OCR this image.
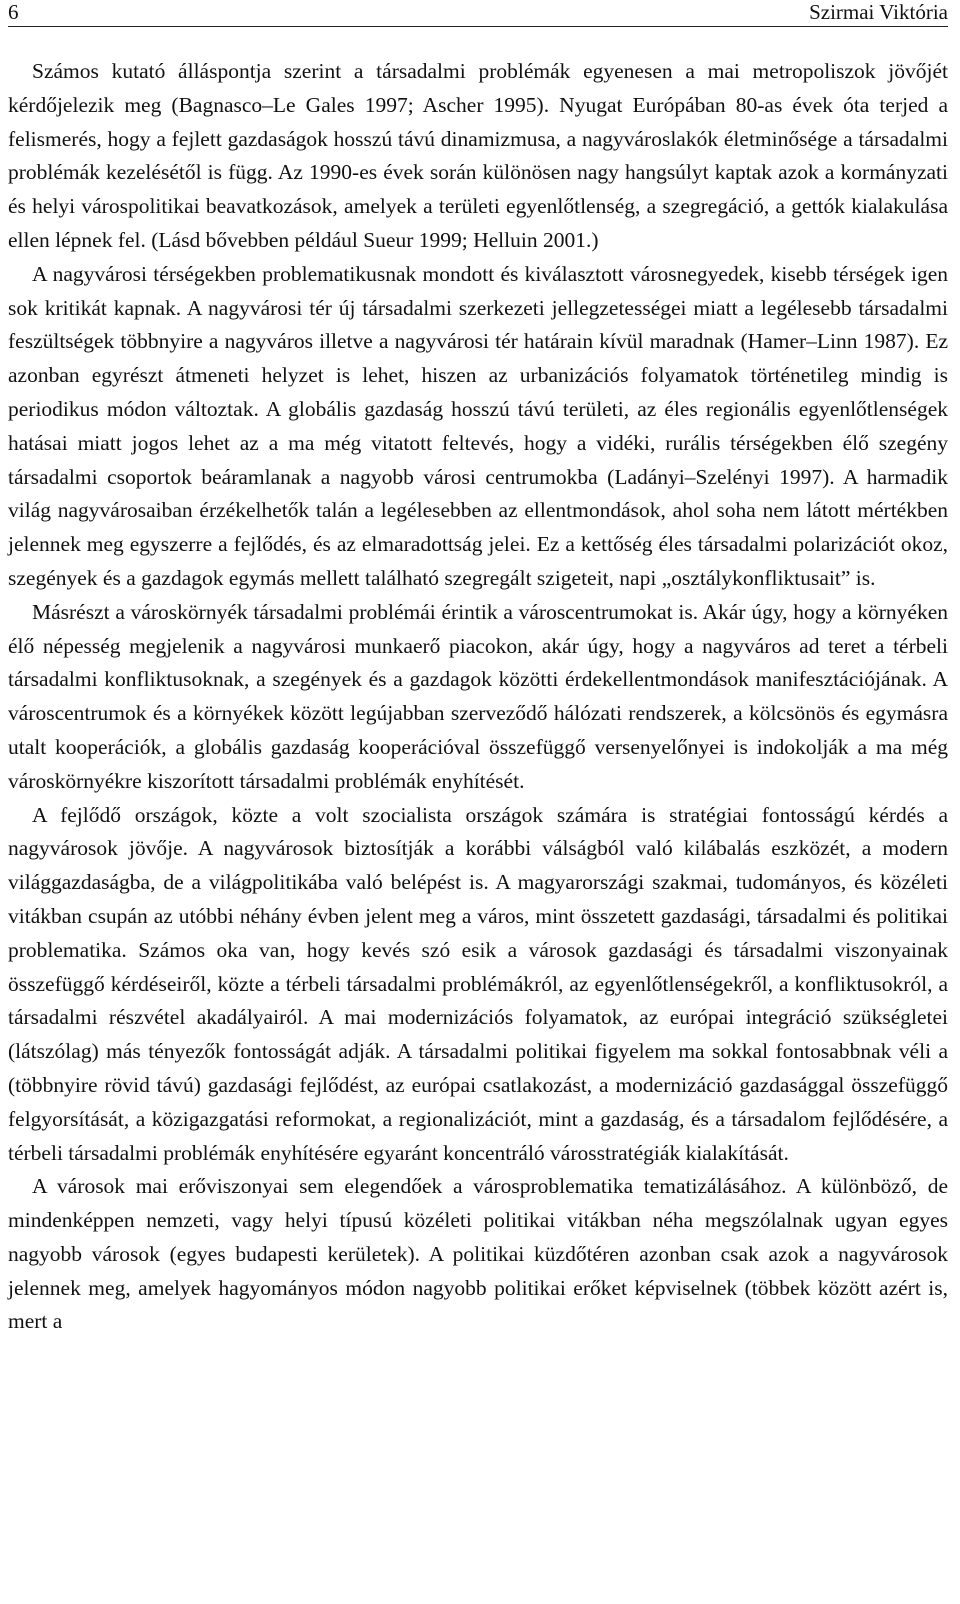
6	Szirmai Viktória

Számos kutató álláspontja szerint a társadalmi problémák egyenesen a mai metropoliszok jövőjét kérdőjelezik meg (Bagnasco–Le Gales 1997; Ascher 1995). Nyugat Európában 80-as évek óta terjed a felismerés, hogy a fejlett gazdaságok hosszú távú dinamizmusa, a nagyvároslakók életminősége a társadalmi problémák kezelésétől is függ. Az 1990-es évek során különösen nagy hangsúlyt kaptak azok a kormányzati és helyi várospolitikai beavatkozások, amelyek a területi egyenlőtlenség, a szegregáció, a gettók kialakulása ellen lépnek fel. (Lásd bővebben például Sueur 1999; Helluin 2001.)

A nagyvárosi térségekben problematikusnak mondott és kiválasztott városnegyedek, kisebb térségek igen sok kritikát kapnak. A nagyvárosi tér új társadalmi szerkezeti jellegzetességei miatt a legélesebb társadalmi feszültségek többnyire a nagyváros illetve a nagyvárosi tér határain kívül maradnak (Hamer–Linn 1987). Ez azonban egyrészt átmeneti helyzet is lehet, hiszen az urbanizációs folyamatok történetileg mindig is periodikus módon változtak. A globális gazdaság hosszú távú területi, az éles regionális egyenlőtlenségek hatásai miatt jogos lehet az a ma még vitatott feltevés, hogy a vidéki, rurális térségekben élő szegény társadalmi csoportok beáramlanak a nagyobb városi centrumokba (Ladányi–Szelényi 1997). A harmadik világ nagyvárosaiban érzékelhetők talán a legélesebben az ellentmondások, ahol soha nem látott mértékben jelennek meg egyszerre a fejlődés, és az elmaradottság jelei. Ez a kettőség éles társadalmi polarizációt okoz, szegények és a gazdagok egymás mellett található szegregált szigeteit, napi „osztálykonfliktusait” is.

Másrészt a városkörnyék társadalmi problémái érintik a városcentrumokat is. Akár úgy, hogy a környéken élő népesség megjelenik a nagyvárosi munkaerő piacokon, akár úgy, hogy a nagyváros ad teret a térbeli társadalmi konfliktusoknak, a szegények és a gazdagok közötti érdekellentmondások manifesztációjának. A városcentrumok és a környékek között legújabban szerveződő hálózati rendszerek, a kölcsönös és egymásra utalt kooperációk, a globális gazdaság kooperációval összefüggő versenyelőnyei is indokolják a ma még városkörnyékre kiszorított társadalmi problémák enyhítését.

A fejlődő országok, közte a volt szocialista országok számára is stratégiai fontosságú kérdés a nagyvárosok jövője. A nagyvárosok biztosítják a korábbi válságból való kilábalás eszközét, a modern világgazdaságba, de a világpolitikába való belépést is. A magyarországi szakmai, tudományos, és közéleti vitákban csupán az utóbbi néhány évben jelent meg a város, mint összetett gazdasági, társadalmi és politikai problematika. Számos oka van, hogy kevés szó esik a városok gazdasági és társadalmi viszonyainak összefüggő kérdéseiről, közte a térbeli társadalmi problémákról, az egyenlőtlenségekről, a konfliktusokról, a társadalmi részvétel akadályairól. A mai modernizációs folyamatok, az európai integráció szükségletei (látszólag) más tényezők fontosságát adják. A társadalmi politikai figyelem ma sokkal fontosabbnak véli a (többnyire rövid távú) gazdasági fejlődést, az európai csatlakozást, a modernizáció gazdasággal összefüggő felgyorsítását, a közigazgatási reformokat, a regionalizációt, mint a gazdaság, és a társadalom fejlődésére, a térbeli társadalmi problémák enyhítésére egyaránt koncentráló városstratégiák kialakítását.

A városok mai erőviszonyai sem elegendőek a városproblematika tematizálásához. A különböző, de mindenképpen nemzeti, vagy helyi típusú közéleti politikai vitákban néha megszólalnak ugyan egyes nagyobb városok (egyes budapesti kerületek). A politikai küzdőtéren azonban csak azok a nagyvárosok jelennek meg, amelyek hagyományos módon nagyobb politikai erőket képviselnek (többek között azért is, mert a
